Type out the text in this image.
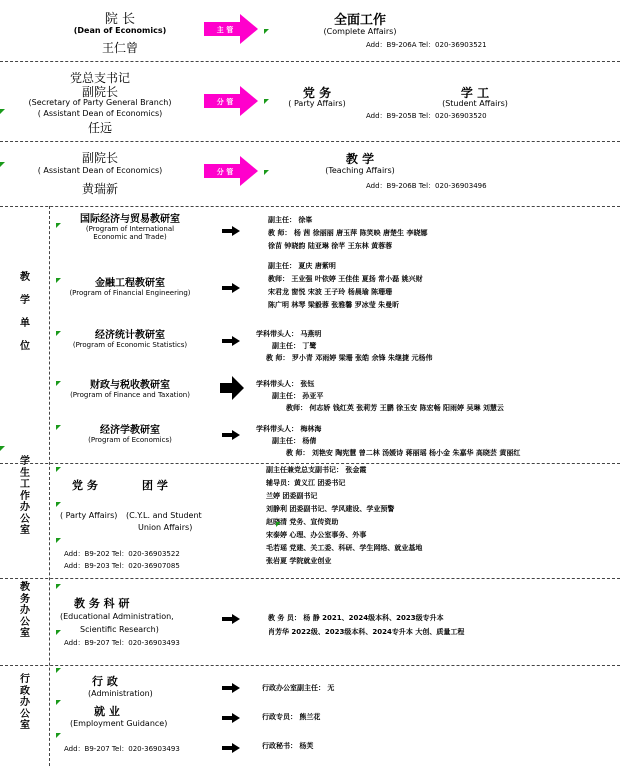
院 长
(Dean of Economics)
王仁曾
主 管
全面工作
(Complete Affairs)
Add：B9-206A Tel：020-36903521
党总支书记
副院长
(Secretary of Party General Branch)
( Assistant Dean of Economics)
任远
分 管
党 务
( Party Affairs)
学 工
(Student Affairs)
Add：B9-205B Tel：020-36903520
副院长
( Assistant Dean of Economics)
黄瑞新
分 管
教 学
(Teaching Affairs)
Add：B9-206B Tel：020-36903496
教

学

单

位
国际经济与贸易教研室
(Program of International
Economic and Trade)
副主任： 徐峯
教 师： 杨 茜 徐丽丽 唐玉萍 陈笑映 唐楚生 李晓娜
徐苗 钟晓韵 陆亚琳 徐芊 王东林 黄蓉蓉
金融工程教研室
(Program of Financial Engineering)
副主任： 夏庆 唐紫明
教师： 王业强 叶依婷 王佳佳 夏扬 常小磊 姚兴财
宋君龙 窗悦 宋波 王子玲 杨晨瑜 陈珊珊
陈广明 林琴 梁毅蓉 张雅馨 罗冰莹 朱曼昕
经济统计教研室
(Program of Economic Statistics)
学科带头人： 马燕明
副主任： 丁鹭
教 师： 罗小青 邓雨婷 梁珊 张皓 余锋 朱继捷 元杨伟
财政与税收教研室
(Program of Finance and Taxation)
学科带头人： 张钰
副主任： 孙亚平
教师： 何志娇 钱红英 张莉芳 王鹏 徐玉安 陈宏畅 阳雨婷 吴琳 刘慧云
经济学教研室
(Program of Economics)
学科带头人： 梅林海
副主任： 杨倩
教 师： 刘艳安 陶宪慧 曾二林 汤媛诗 蒋丽瑶 杨小金 朱嘉华 高晓芸 黄丽红
学
生
工
作
办
公
室
党 务	团 学
( Party Affairs) (C.Y.L. and Student
Union Affairs)
Add：B9-202 Tel：020-36903522
Add：B9-203 Tel：020-36907085
副主任兼党总支副书记： 张金霞
辅导员：黄义江 团委书记
兰婷 团委副书记
刘静利 团委副书记、学风建设、学业预警
赵晓清 党务、宣传资助
宋泰婷 心理、办公室事务、外事
毛若瑶 党建、关工委、科研、学生网络、就业基地
张岩夏 学院就业创业
教
务
办
公
室
教 务 科 研
(Educational Administration,
Scientific Research)
Add：B9-207 Tel：020-36903493
教 务 员： 杨 静 2021、2024级本科、2023级专升本
肖芳华 2022级、2023级本科、2024专升本 大创、质量工程
行
政
办
公
室
行 政
(Administration)
就 业
(Employment Guidance)
Add：B9-207 Tel：020-36903493
行政办公室副主任： 无
行政专员： 熊兰花
行政秘书： 杨芙
